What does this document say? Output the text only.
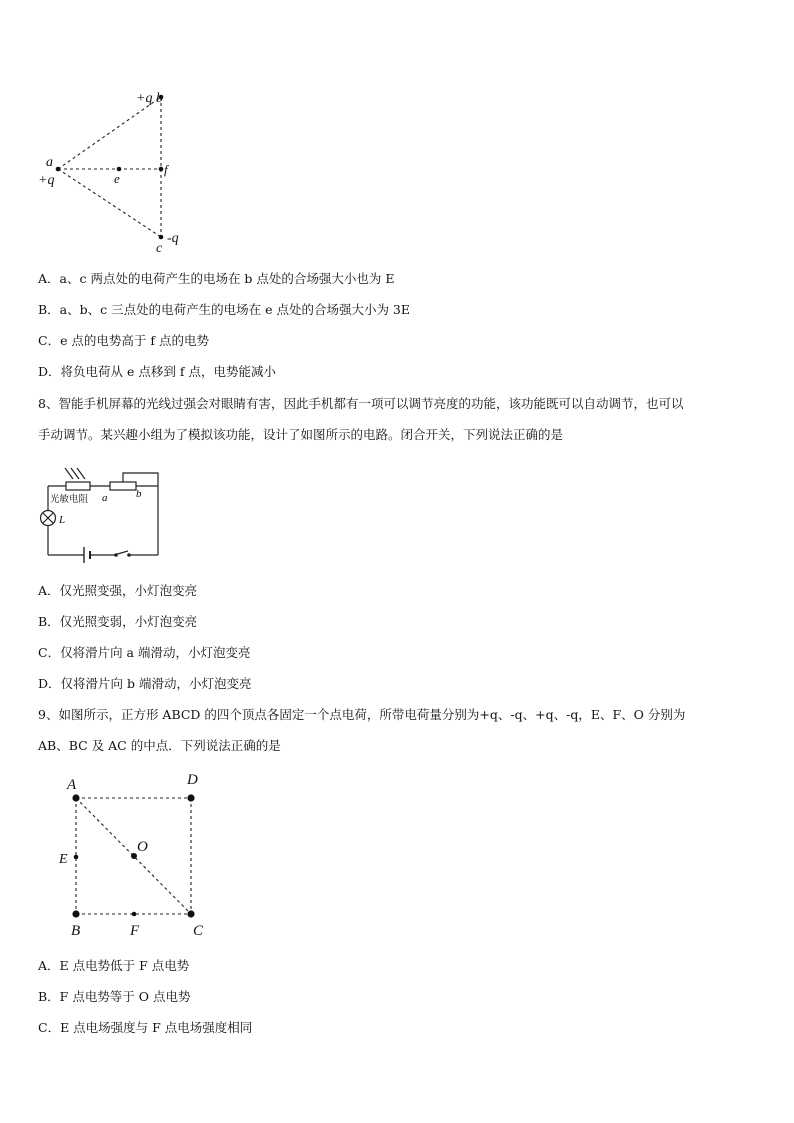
+q b
a
+q	e
f
c
-q
A．a、c 两点处的电荷产生的电场在 b 点处的合场强大小也为 E
B．a、b、c 三点处的电荷产生的电场在 e 点处的合场强大小为 3E
C．e 点的电势高于 f 点的电势
D．将负电荷从 e 点移到 f 点，电势能减小
8、智能手机屏幕的光线过强会对眼睛有害，因此手机都有一项可以调节亮度的功能，该功能既可以自动调节，也可以
手动调节。某兴趣小组为了模拟该功能，设计了如图所示的电路。闭合开关，下列说法正确的是
光敏电阻
L
a	b
A．仅光照变强，小灯泡变亮
B．仅光照变弱，小灯泡变亮
C．仅将滑片向 a 端滑动，小灯泡变亮
D．仅将滑片向 b 端滑动，小灯泡变亮
9、如图所示，正方形 ABCD 的四个顶点各固定一个点电荷，所带电荷量分别为+q、-q、+q、-q，E、F、O 分别为
AB、BC 及 AC 的中点．下列说法正确的是
A	D
E
O
B	F	C
A．E 点电势低于 F 点电势
B．F 点电势等于 O 点电势
C．E 点电场强度与 F 点电场强度相同
